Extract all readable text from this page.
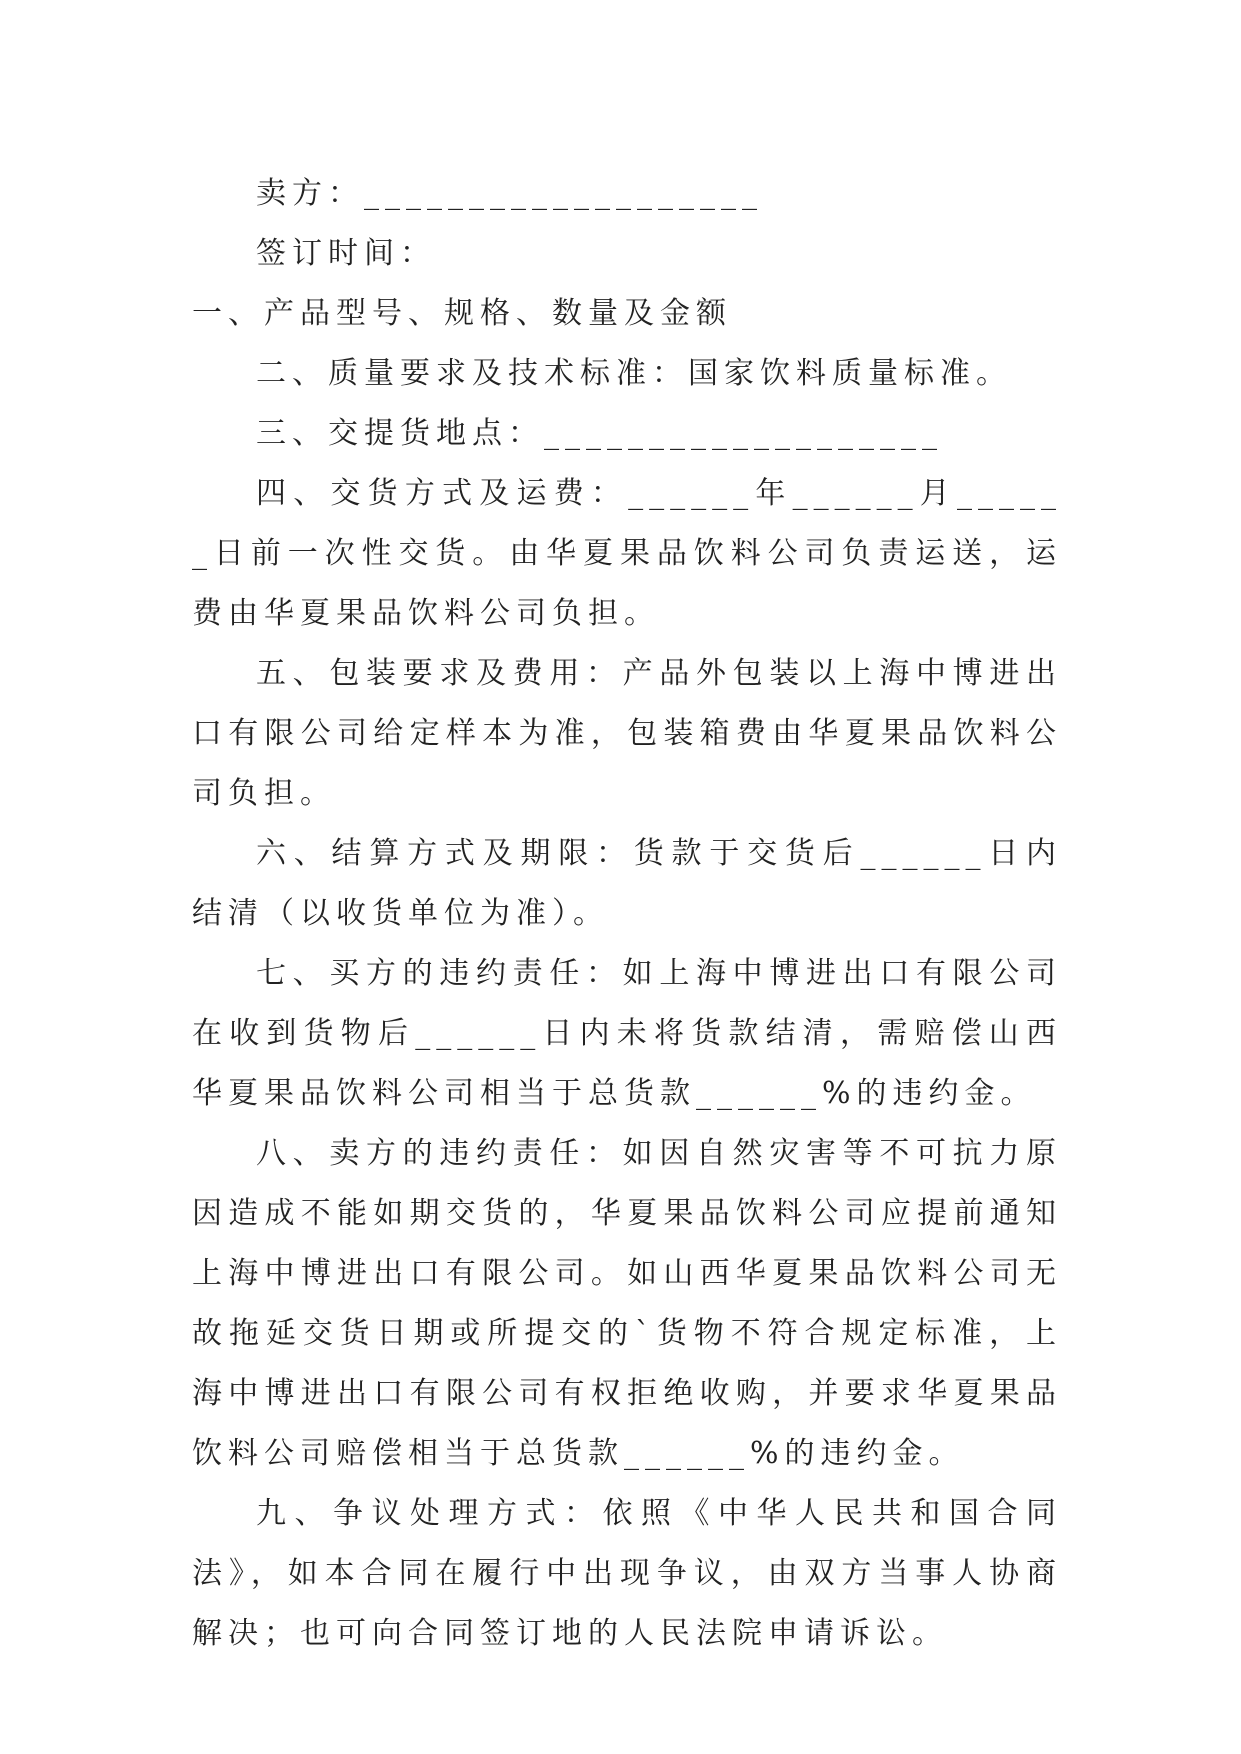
卖方：___________________

签订时间：

一、产品型号、规格、数量及金额

二、质量要求及技术标准：国家饮料质量标准。

三、交提货地点：___________________

四、交货方式及运费：______年______月______日前一次性交货。由华夏果品饮料公司负责运送，运费由华夏果品饮料公司负担。

五、包装要求及费用：产品外包装以上海中博进出口有限公司给定样本为准，包装箱费由华夏果品饮料公司负担。

六、结算方式及期限：货款于交货后______日内结清（以收货单位为准）。

七、买方的违约责任：如上海中博进出口有限公司在收到货物后______日内未将货款结清，需赔偿山西华夏果品饮料公司相当于总货款______%的违约金。

八、卖方的违约责任：如因自然灾害等不可抗力原因造成不能如期交货的，华夏果品饮料公司应提前通知上海中博进出口有限公司。如山西华夏果品饮料公司无故拖延交货日期或所提交的`货物不符合规定标准，上海中博进出口有限公司有权拒绝收购，并要求华夏果品饮料公司赔偿相当于总货款______%的违约金。

九、争议处理方式：依照《中华人民共和国合同法》，如本合同在履行中出现争议，由双方当事人协商解决；也可向合同签订地的人民法院申请诉讼。
